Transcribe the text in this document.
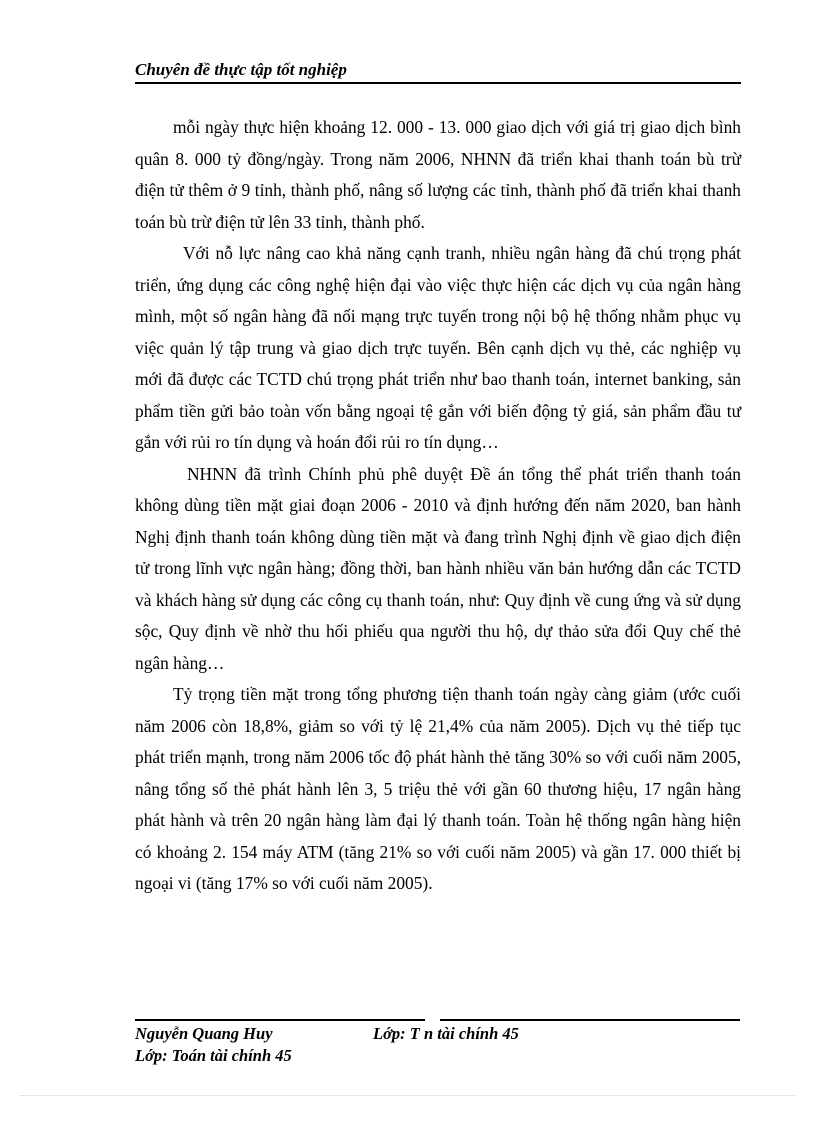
Chuyên đề thực tập tốt nghiệp

mỗi ngày thực hiện khoảng 12. 000 - 13. 000 giao dịch với giá trị giao dịch bình quân 8. 000 tỷ đồng/ngày. Trong năm 2006, NHNN đã triển khai thanh toán bù trừ điện tử thêm ở 9 tỉnh, thành phố, nâng số lượng các tỉnh, thành phố đã triển khai thanh toán bù trừ điện tử lên 33 tỉnh, thành phố.

Với nỗ lực nâng cao khả năng cạnh tranh, nhiều ngân hàng đã chú trọng phát triển, ứng dụng các công nghệ hiện đại vào việc thực hiện các dịch vụ của ngân hàng mình, một số ngân hàng đã nối mạng trực tuyến trong nội bộ hệ thống nhằm phục vụ việc quản lý tập trung và giao dịch trực tuyến. Bên cạnh dịch vụ thẻ, các nghiệp vụ mới đã được các TCTD chú trọng phát triển như bao thanh toán, internet banking, sản phẩm tiền gửi bảo toàn vốn bằng ngoại tệ gắn với biến động tỷ giá, sản phẩm đầu tư gắn với rủi ro tín dụng và hoán đổi rủi ro tín dụng…

NHNN đã trình Chính phủ phê duyệt Đề án tổng thể phát triển thanh toán không dùng tiền mặt giai đoạn 2006 - 2010 và định hướng đến năm 2020, ban hành Nghị định thanh toán không dùng tiền mặt và đang trình Nghị định về giao dịch điện tử trong lĩnh vực ngân hàng; đồng thời, ban hành nhiều văn bản hướng dẫn các TCTD và khách hàng sử dụng các công cụ thanh toán, như: Quy định về cung ứng và sử dụng sộc, Quy định về nhờ thu hối phiếu qua người thu hộ, dự thảo sửa đổi Quy chế thẻ ngân hàng…

Tỷ trọng tiền mặt trong tổng phương tiện thanh toán ngày càng giảm (ước cuối năm 2006 còn 18,8%, giảm so với tỷ lệ 21,4% của năm 2005). Dịch vụ thẻ tiếp tục phát triển mạnh, trong năm 2006 tốc độ phát hành thẻ tăng 30% so với cuối năm 2005, nâng tổng số thẻ phát hành lên 3, 5 triệu thẻ với gần 60 thương hiệu, 17 ngân hàng phát hành và trên 20 ngân hàng làm đại lý thanh toán. Toàn hệ thống ngân hàng hiện có khoảng 2. 154 máy ATM (tăng 21% so với cuối năm 2005) và gần 17. 000 thiết bị ngoại vi (tăng 17% so với cuối năm 2005).

Nguyễn Quang Huy	Lớp: T n tài chính 45
Lớp: Toán tài chính 45
